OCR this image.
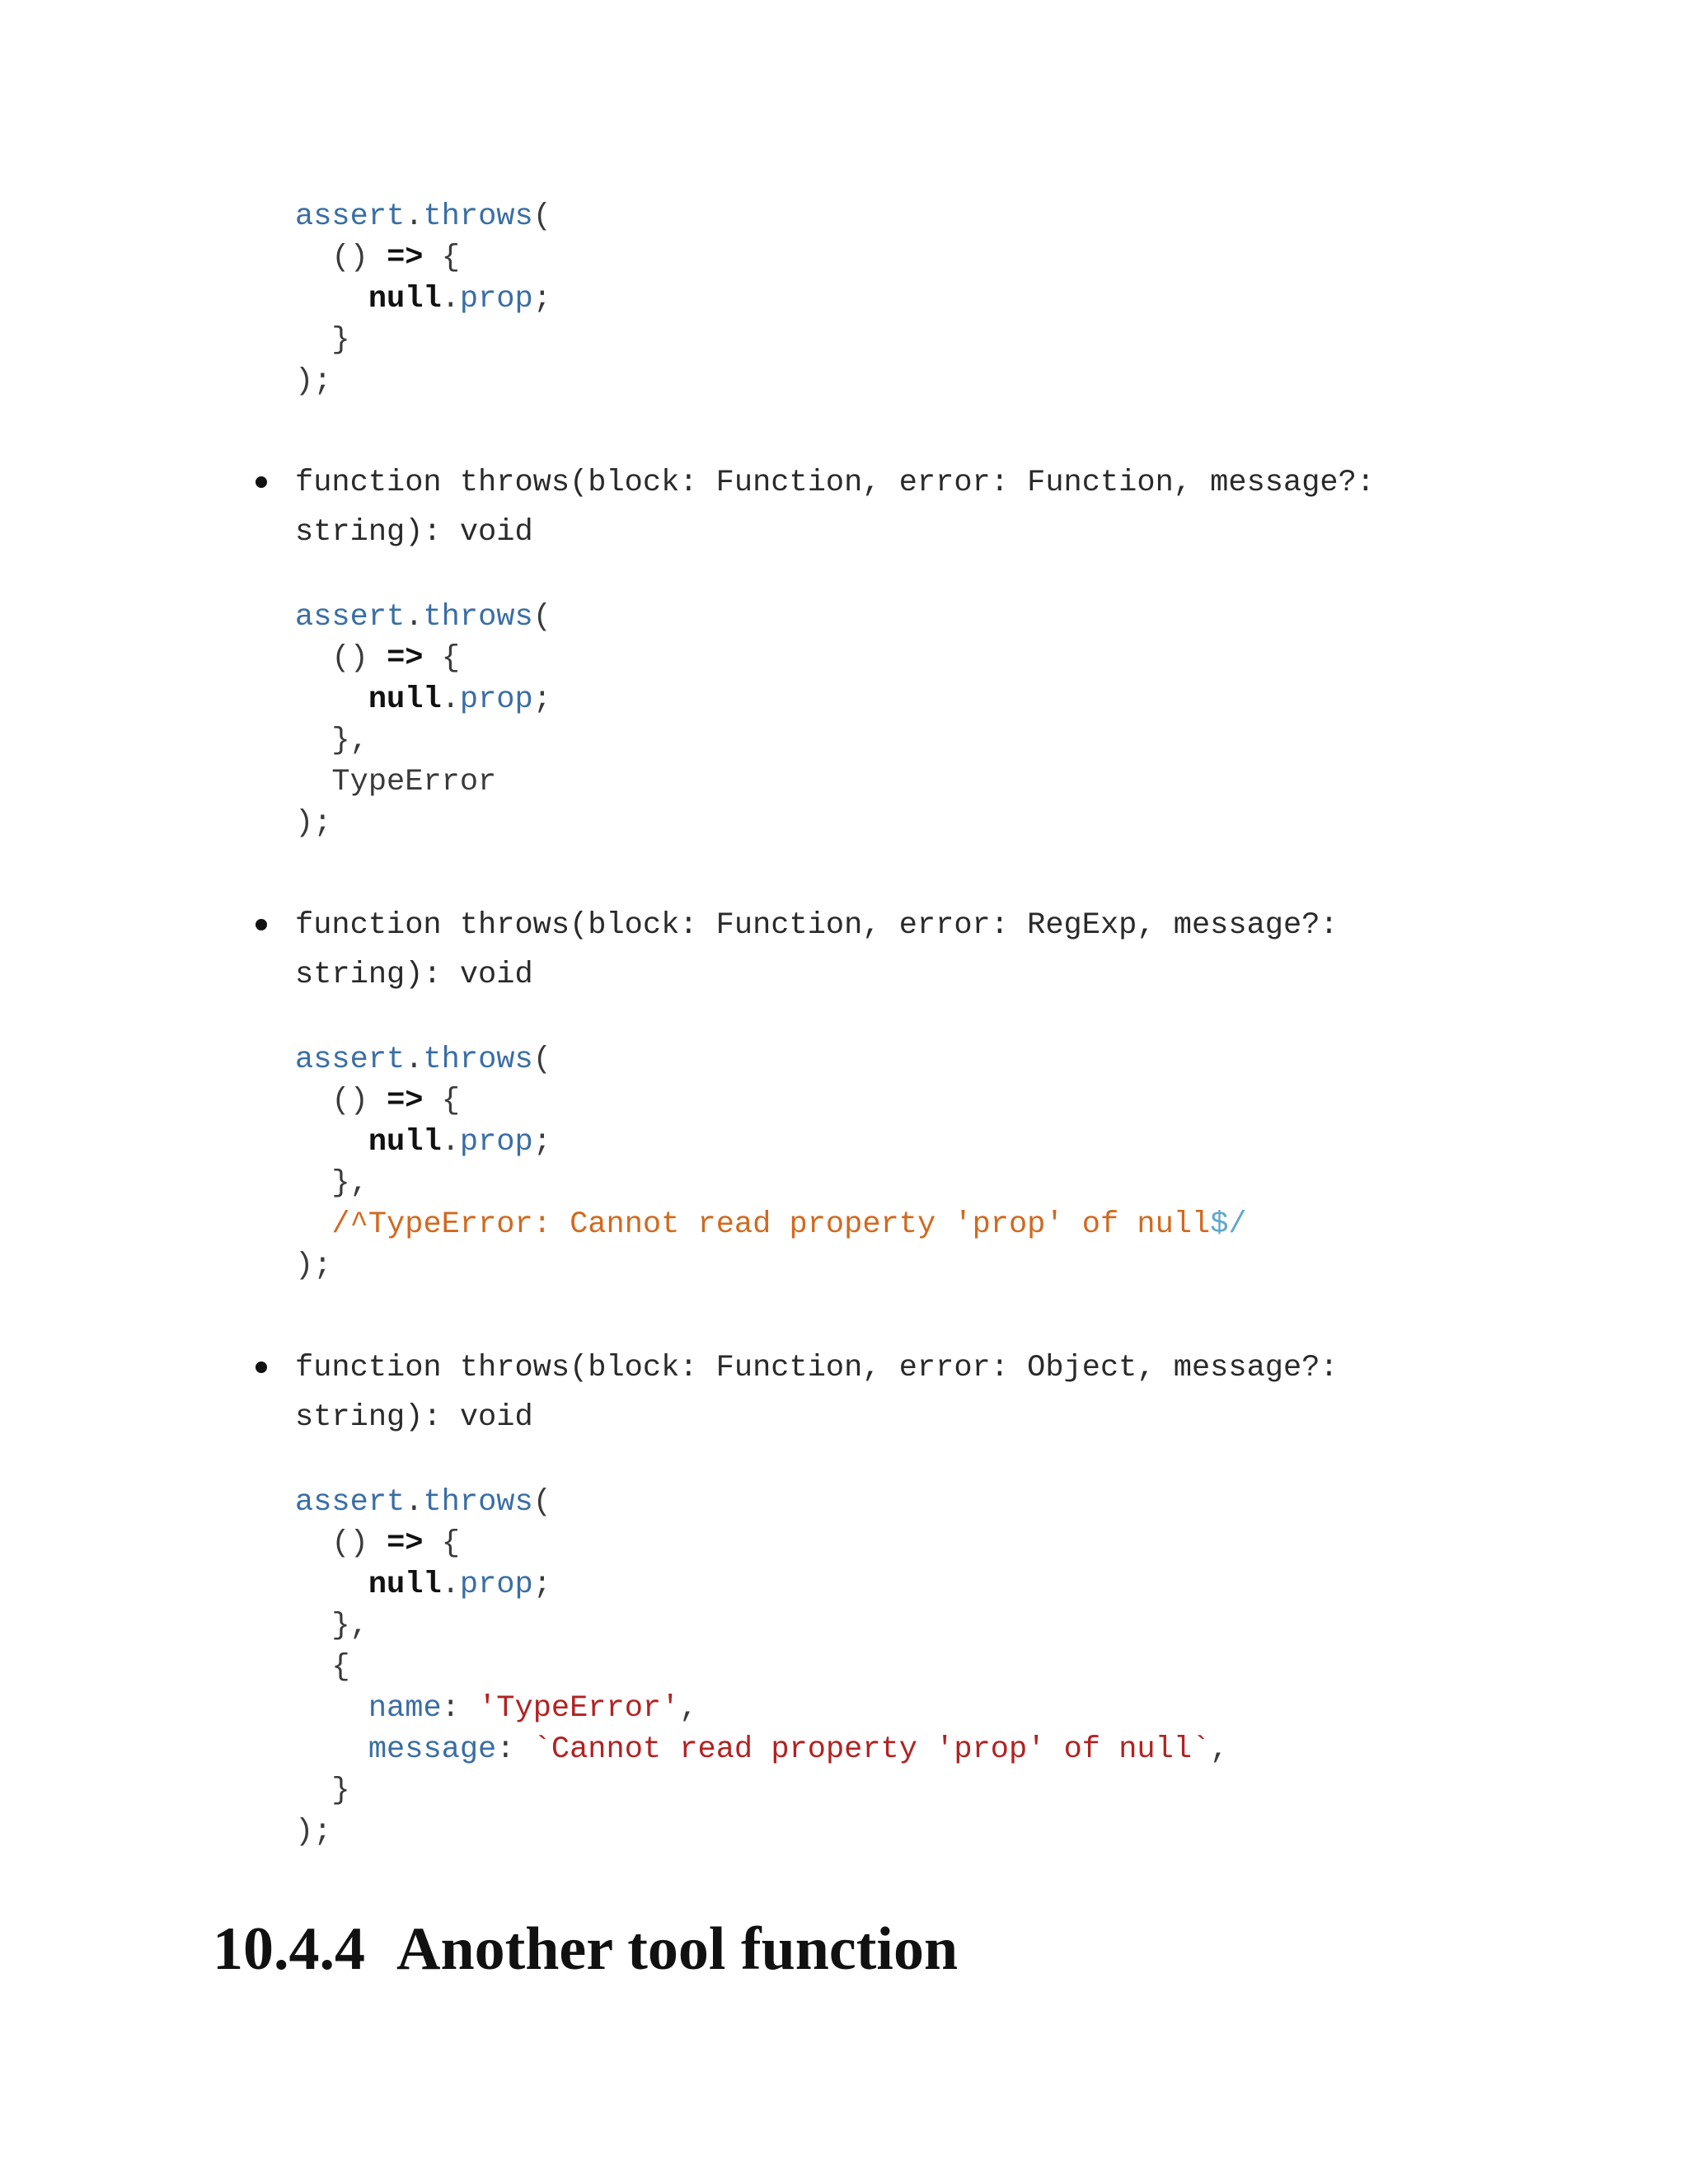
assert.throws(
() => {
null.prop;
}
);
function throws(block: Function, error: Function, message?:
string): void
assert.throws(
() => {
null.prop;
},
TypeError
);
function throws(block: Function, error: RegExp, message?:
string): void
assert.throws(
() => {
null.prop;
},
/^TypeError: Cannot read property 'prop' of null$/
);
function throws(block: Function, error: Object, message?:
string): void
assert.throws(
() => {
null.prop;
},
{
name: 'TypeError',
message: `Cannot read property 'prop' of null`,
}
);
10.4.4 Another tool function
